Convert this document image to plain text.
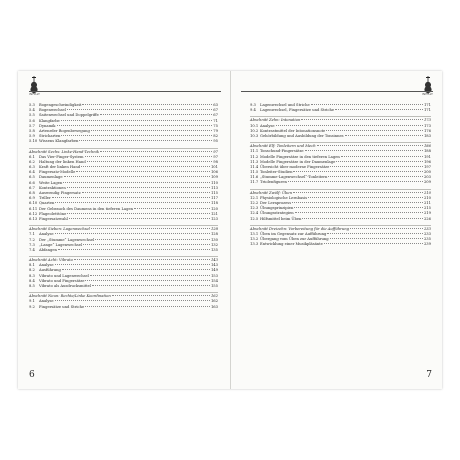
INHALT
5.3	Bogengeschwindigkeit	63
5.4	Bogenwechsel	67
5.5	Saitenwechsel und Doppelgriffe	67
5.6	Klangfarbe	71
5.7	Dynamik	75
5.8	Artenrder Bogenbewegung	79
5.9	Stricharten	82
5.10 Wissens Klangfarben	95
Abschnitt Sechs: Linke-Hand-Technik	97
6.1	Das Vier-Finger-System	97
6.2	Haltung der linken Hand	98
6.3	Kraft der linken Hand	101
6.4	Fingersatz-Modelle	106
6.5	Daumenlage	109
6.6	Weite Lagen	110
6.7	Kontraktionen	113
6.8	Auswendig Fingersatz	115
6.9	Triller	117
6.10 Quarten	118
6.11 Der Gebrauch des Daumens in den tieferen Lagen	120
6.12 Flageoletttöne	121
6.13 Fingersatzwahl	123
Abschnitt Sieben: Lagenwechsel	128
7.1	Analyse	128
7.2	Der „Stumme“ Lagenwechsel	130
7.3	„Lange“ Lagenwechsel	132
7.4	Abfangen	135
Abschnitt Acht: Vibrato	143
8.1	Analyse	143
8.2	Ausführung	149
8.3	Vibrato und Lagenwechsel	153
8.4	Vibrato und Fingersätze	154
8.5	Vibrato als Ausdrucksmittel	155
Abschnitt Neun: Rechte/Linke Koordination	162
9.1	Analyse	162
9.2	Fingersätze und Striche	163
6
INHALT
9.3	Lagenwechsel und Striche	171
9.4	Lagenwechsel, Fingersätze und Striche	171
Abschnitt Zehn: Intonation	173
10.1 Analyse	173
10.2 Kontrastmittel der Intonationsnote	176
10.3 Gehörbildung und Ausbildung der Tonsinnes	183
Abschnitt Elf: Tonleitern und Mech	186
11.1 Tonschund-Fingersätze	188
11.2 Modelle Fingersätze in den tieferen Lagen	191
11.3 Modelle Fingersätze in der Daumenlage	196
11.4 Übersicht über moderne Fingersätze	197
11.5 Tonleiter-Studien	200
11.6 „Stumme-Lagenwechsel“-Tonleitern	203
11.7 Triolenfiguren	209
Abschnitt Zwölf: Üben	210
12.1 Physiologische Lernbasis	210
12.2 Der Lernprozess	211
12.3 Übungsprinzipien	215
12.4 Übungsstrategien	219
12.5 Hilfsmittel beim Üben	226
Abschnitt Dreizehn: Vorbereitung für die Aufführung	233
13.1 Üben im Gegensatz zur Aufführung	233
13.2 Übergang vom Üben zur Aufführung	235
13.3 Entwicklung einer Musikpläsänte	239
7
